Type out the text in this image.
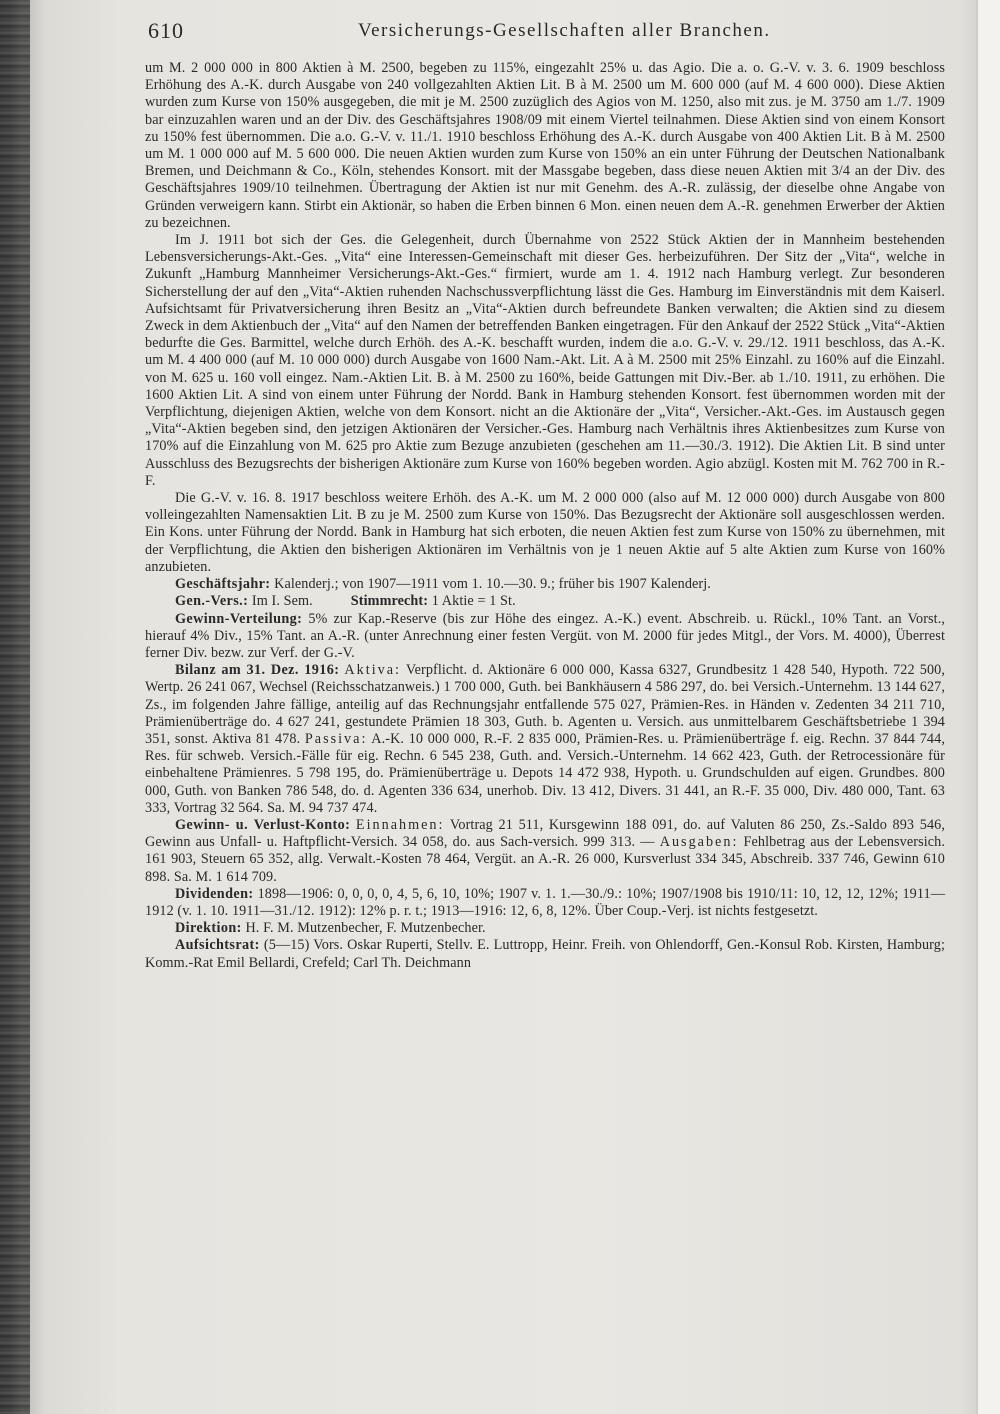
610	Versicherungs-Gesellschaften aller Branchen.

um M. 2 000 000 in 800 Aktien à M. 2500, begeben zu 115%, eingezahlt 25% u. das Agio. Die a. o. G.-V. v. 3. 6. 1909 beschloss Erhöhung des A.-K. durch Ausgabe von 240 vollgezahlten Aktien Lit. B à M. 2500 um M. 600 000 (auf M. 4 600 000). Diese Aktien wurden zum Kurse von 150% ausgegeben, die mit je M. 2500 zuzüglich des Agios von M. 1250, also mit zus. je M. 3750 am 1./7. 1909 bar einzuzahlen waren und an der Div. des Geschäftsjahres 1908/09 mit einem Viertel teilnahmen. Diese Aktien sind von einem Konsort zu 150% fest übernommen. Die a.o. G.-V. v. 11./1. 1910 beschloss Erhöhung des A.-K. durch Ausgabe von 400 Aktien Lit. B à M. 2500 um M. 1 000 000 auf M. 5 600 000. Die neuen Aktien wurden zum Kurse von 150% an ein unter Führung der Deutschen Nationalbank Bremen, und Deichmann & Co., Köln, stehendes Konsort. mit der Massgabe begeben, dass diese neuen Aktien mit 3/4 an der Div. des Geschäftsjahres 1909/10 teilnehmen. Übertragung der Aktien ist nur mit Genehm. des A.-R. zulässig, der dieselbe ohne Angabe von Gründen verweigern kann. Stirbt ein Aktionär, so haben die Erben binnen 6 Mon. einen neuen dem A.-R. genehmen Erwerber der Aktien zu bezeichnen.

Im J. 1911 bot sich der Ges. die Gelegenheit, durch Übernahme von 2522 Stück Aktien der in Mannheim bestehenden Lebensversicherungs-Akt.-Ges. „Vita“ eine Interessen-Gemeinschaft mit dieser Ges. herbeizuführen. Der Sitz der „Vita“, welche in Zukunft „Hamburg Mannheimer Versicherungs-Akt.-Ges.“ firmiert, wurde am 1. 4. 1912 nach Hamburg verlegt. Zur besonderen Sicherstellung der auf den „Vita“-Aktien ruhenden Nachschussverpflichtung lässt die Ges. Hamburg im Einverständnis mit dem Kaiserl. Aufsichtsamt für Privatversicherung ihren Besitz an „Vita“-Aktien durch befreundete Banken verwalten; die Aktien sind zu diesem Zweck in dem Aktienbuch der „Vita“ auf den Namen der betreffenden Banken eingetragen. Für den Ankauf der 2522 Stück „Vita“-Aktien bedurfte die Ges. Barmittel, welche durch Erhöh. des A.-K. beschafft wurden, indem die a.o. G.-V. v. 29./12. 1911 beschloss, das A.-K. um M. 4 400 000 (auf M. 10 000 000) durch Ausgabe von 1600 Nam.-Akt. Lit. A à M. 2500 mit 25% Einzahl. zu 160% auf die Einzahl. von M. 625 u. 160 voll eingez. Nam.-Aktien Lit. B. à M. 2500 zu 160%, beide Gattungen mit Div.-Ber. ab 1./10. 1911, zu erhöhen. Die 1600 Aktien Lit. A sind von einem unter Führung der Nordd. Bank in Hamburg stehenden Konsort. fest übernommen worden mit der Verpflichtung, diejenigen Aktien, welche von dem Konsort. nicht an die Aktionäre der „Vita“, Versicher.-Akt.-Ges. im Austausch gegen „Vita“-Aktien begeben sind, den jetzigen Aktionären der Versicher.-Ges. Hamburg nach Verhältnis ihres Aktienbesitzes zum Kurse von 170% auf die Einzahlung von M. 625 pro Aktie zum Bezuge anzubieten (geschehen am 11.—30./3. 1912). Die Aktien Lit. B sind unter Ausschluss des Bezugsrechts der bisherigen Aktionäre zum Kurse von 160% begeben worden. Agio abzügl. Kosten mit M. 762 700 in R.-F.

Die G.-V. v. 16. 8. 1917 beschloss weitere Erhöh. des A.-K. um M. 2 000 000 (also auf M. 12 000 000) durch Ausgabe von 800 volleingezahlten Namensaktien Lit. B zu je M. 2500 zum Kurse von 150%. Das Bezugsrecht der Aktionäre soll ausgeschlossen werden. Ein Kons. unter Führung der Nordd. Bank in Hamburg hat sich erboten, die neuen Aktien fest zum Kurse von 150% zu übernehmen, mit der Verpflichtung, die Aktien den bisherigen Aktionären im Verhältnis von je 1 neuen Aktie auf 5 alte Aktien zum Kurse von 160% anzubieten.

Geschäftsjahr: Kalenderj.; von 1907—1911 vom 1. 10.—30. 9.; früher bis 1907 Kalenderj.

Gen.-Vers.: Im I. Sem.	Stimmrecht: 1 Aktie = 1 St.

Gewinn-Verteilung: 5% zur Kap.-Reserve (bis zur Höhe des eingez. A.-K.) event. Abschreib. u. Rückl., 10% Tant. an Vorst., hierauf 4% Div., 15% Tant. an A.-R. (unter Anrechnung einer festen Vergüt. von M. 2000 für jedes Mitgl., der Vors. M. 4000), Überrest ferner Div. bezw. zur Verf. der G.-V.

Bilanz am 31. Dez. 1916: Aktiva: Verpflicht. d. Aktionäre 6 000 000, Kassa 6327, Grundbesitz 1 428 540, Hypoth. 722 500, Wertp. 26 241 067, Wechsel (Reichsschatzanweis.) 1 700 000, Guth. bei Bankhäusern 4 586 297, do. bei Versich.-Unternehm. 13 144 627, Zs., im folgenden Jahre fällige, anteilig auf das Rechnungsjahr entfallende 575 027, Prämien-Res. in Händen v. Zedenten 34 211 710, Prämienüberträge do. 4 627 241, gestundete Prämien 18 303, Guth. b. Agenten u. Versich. aus unmittelbarem Geschäftsbetriebe 1 394 351, sonst. Aktiva 81 478. Passiva: A.-K. 10 000 000, R.-F. 2 835 000, Prämien-Res. u. Prämienüberträge f. eig. Rechn. 37 844 744, Res. für schweb. Versich.-Fälle für eig. Rechn. 6 545 238, Guth. and. Versich.-Unternehm. 14 662 423, Guth. der Retrocessionäre für einbehaltene Prämienres. 5 798 195, do. Prämienüberträge u. Depots 14 472 938, Hypoth. u. Grundschulden auf eigen. Grundbes. 800 000, Guth. von Banken 786 548, do. d. Agenten 336 634, unerhob. Div. 13 412, Divers. 31 441, an R.-F. 35 000, Div. 480 000, Tant. 63 333, Vortrag 32 564. Sa. M. 94 737 474.

Gewinn- u. Verlust-Konto: Einnahmen: Vortrag 21 511, Kursgewinn 188 091, do. auf Valuten 86 250, Zs.-Saldo 893 546, Gewinn aus Unfall- u. Haftpflicht-Versich. 34 058, do. aus Sach-versich. 999 313. — Ausgaben: Fehlbetrag aus der Lebensversich. 161 903, Steuern 65 352, allg. Verwalt.-Kosten 78 464, Vergüt. an A.-R. 26 000, Kursverlust 334 345, Abschreib. 337 746, Gewinn 610 898. Sa. M. 1 614 709.

Dividenden: 1898—1906: 0, 0, 0, 0, 4, 5, 6, 10, 10%; 1907 v. 1. 1.—30./9.: 10%; 1907/1908 bis 1910/11: 10, 12, 12, 12%; 1911—1912 (v. 1. 10. 1911—31./12. 1912): 12% p. r. t.; 1913—1916: 12, 6, 8, 12%. Über Coup.-Verj. ist nichts festgesetzt.

Direktion: H. F. M. Mutzenbecher, F. Mutzenbecher.

Aufsichtsrat: (5—15) Vors. Oskar Ruperti, Stellv. E. Luttropp, Heinr. Freih. von Ohlendorff, Gen.-Konsul Rob. Kirsten, Hamburg; Komm.-Rat Emil Bellardi, Crefeld; Carl Th. Deichmann
